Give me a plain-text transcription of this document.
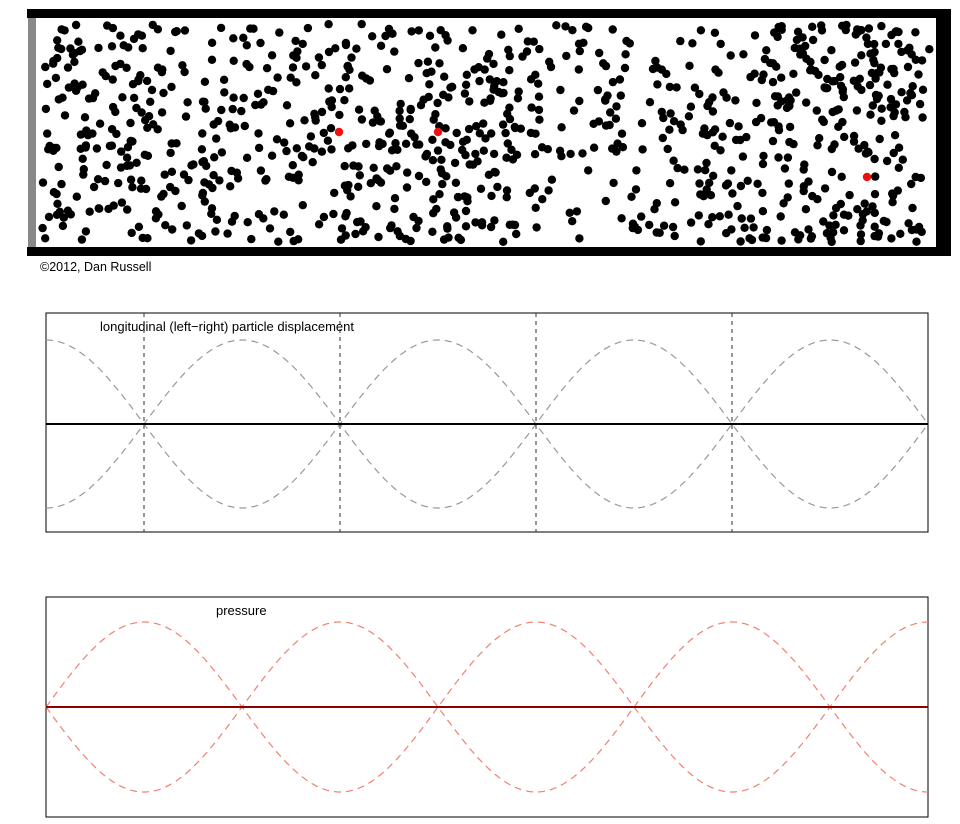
©2012, Dan Russell
longitudinal (left−right) particle displacement
pressure
